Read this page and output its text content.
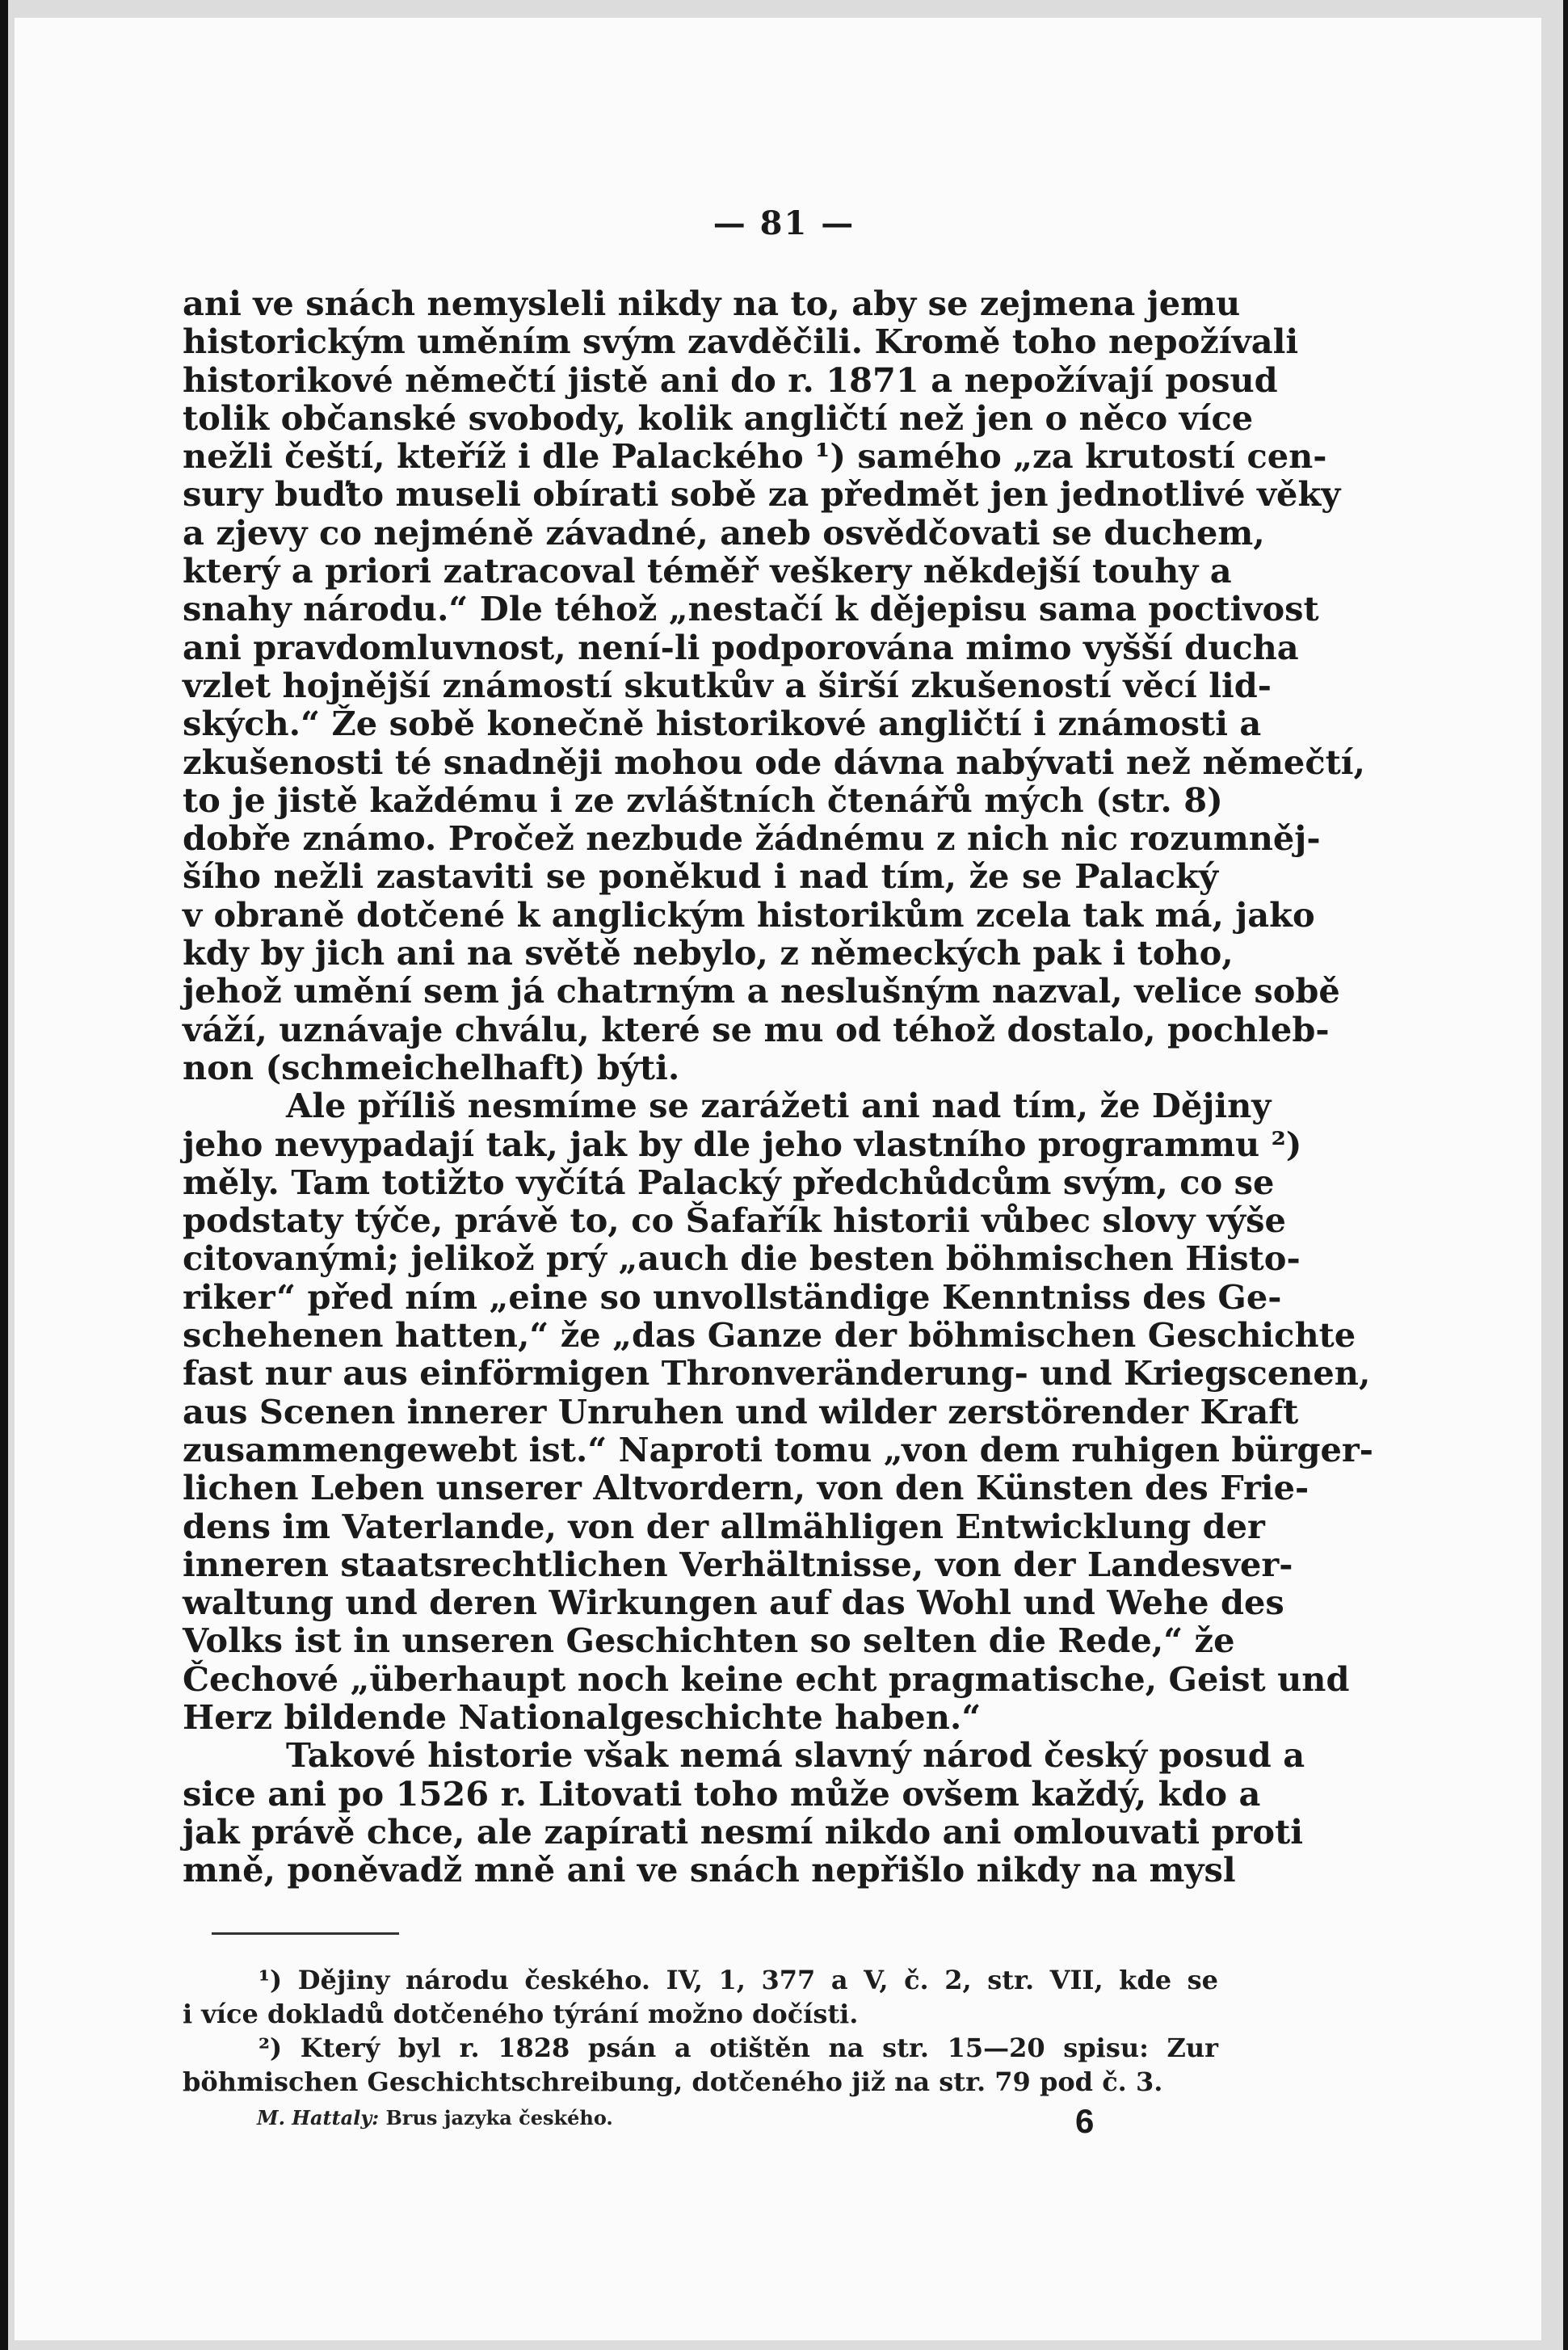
— 81 —
ani ve snách nemysleli nikdy na to, aby se zejmena jemu
historickým uměním svým zavděčili. Kromě toho nepožívali
historikové němečtí jistě ani do r. 1871 a nepožívají posud
tolik občanské svobody, kolik angličtí než jen o něco více
nežli čeští, kteříž i dle Palackého ¹) samého „za krutostí cen-
sury buďto museli obírati sobě za předmět jen jednotlivé věky
a zjevy co nejméně závadné, aneb osvědčovati se duchem,
který a priori zatracoval téměř veškery někdejší touhy a
snahy národu.“ Dle téhož „nestačí k dějepisu sama poctivost
ani pravdomluvnost, není-li podporována mimo vyšší ducha
vzlet hojnější známostí skutkův a širší zkušeností věcí lid-
ských.“ Že sobě konečně historikové angličtí i známosti a
zkušenosti té snadněji mohou ode dávna nabývati než němečtí,
to je jistě každému i ze zvláštních čtenářů mých (str. 8)
dobře známo. Pročež nezbude žádnému z nich nic rozumněj-
šího nežli zastaviti se poněkud i nad tím, že se Palacký
v obraně dotčené k anglickým historikům zcela tak má, jako
kdy by jich ani na světě nebylo, z německých pak i toho,
jehož umění sem já chatrným a neslušným nazval, velice sobě
váží, uznávaje chválu, které se mu od téhož dostalo, pochleb-
non (schmeichelhaft) býti.
Ale příliš nesmíme se zarážeti ani nad tím, že Dějiny
jeho nevypadají tak, jak by dle jeho vlastního programmu ²)
měly. Tam totižto vyčítá Palacký předchůdcům svým, co se
podstaty týče, právě to, co Šafařík historii vůbec slovy výše
citovanými; jelikož prý „auch die besten böhmischen Histo-
riker“ před ním „eine so unvollständige Kenntniss des Ge-
schehenen hatten,“ že „das Ganze der böhmischen Geschichte
fast nur aus einförmigen Thronveränderung- und Kriegscenen,
aus Scenen innerer Unruhen und wilder zerstörender Kraft
zusammengewebt ist.“ Naproti tomu „von dem ruhigen bürger-
lichen Leben unserer Altvordern, von den Künsten des Frie-
dens im Vaterlande, von der allmähligen Entwicklung der
inneren staatsrechtlichen Verhältnisse, von der Landesver-
waltung und deren Wirkungen auf das Wohl und Wehe des
Volks ist in unseren Geschichten so selten die Rede,“ že
Čechové „überhaupt noch keine echt pragmatische, Geist und
Herz bildende Nationalgeschichte haben.“
Takové historie však nemá slavný národ český posud a
sice ani po 1526 r. Litovati toho může ovšem každý, kdo a
jak právě chce, ale zapírati nesmí nikdo ani omlouvati proti
mně, poněvadž mně ani ve snách nepřišlo nikdy na mysl
¹) Dějiny národu českého. IV, 1, 377 a V, č. 2, str. VII, kde se
i více dokladů dotčeného týrání možno dočísti.
²) Který byl r. 1828 psán a otištěn na str. 15—20 spisu: Zur
böhmischen Geschichtschreibung, dotčeného již na str. 79 pod č. 3.
M. Hattaly: Brus jazyka českého.	6
